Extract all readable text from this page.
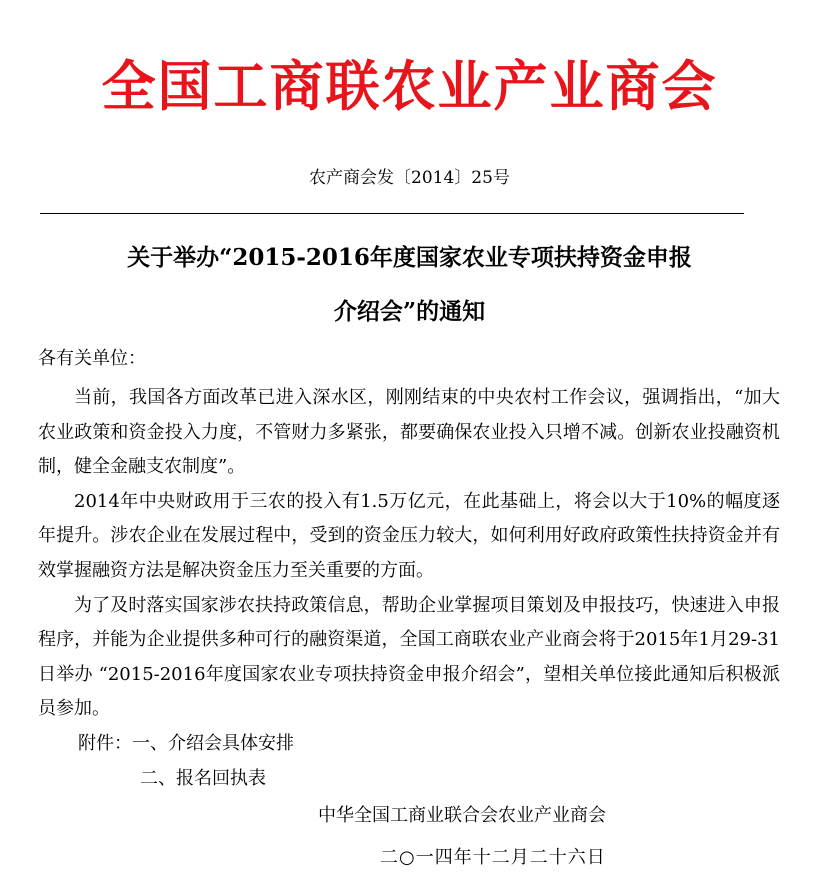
全国工商联农业产业商会
农产商会发〔2014〕25号
关于举办“2015-2016年度国家农业专项扶持资金申报
介绍会”的通知
各有关单位：

当前，我国各方面改革已进入深水区，刚刚结束的中央农村工作会议，强调指出，“加大农业政策和资金投入力度，不管财力多紧张，都要确保农业投入只增不减。创新农业投融资机制，健全金融支农制度”。

2014年中央财政用于三农的投入有1.5万亿元，在此基础上，将会以大于10%的幅度逐年提升。涉农企业在发展过程中，受到的资金压力较大，如何利用好政府政策性扶持资金并有效掌握融资方法是解决资金压力至关重要的方面。

为了及时落实国家涉农扶持政策信息，帮助企业掌握项目策划及申报技巧，快速进入申报程序，并能为企业提供多种可行的融资渠道，全国工商联农业产业商会将于2015年1月29-31日举办 “2015-2016年度国家农业专项扶持资金申报介绍会”，望相关单位接此通知后积极派员参加。

附件：一、介绍会具体安排
二、报名回执表
中华全国工商业联合会农业产业商会
二○一四年十二月二十六日
